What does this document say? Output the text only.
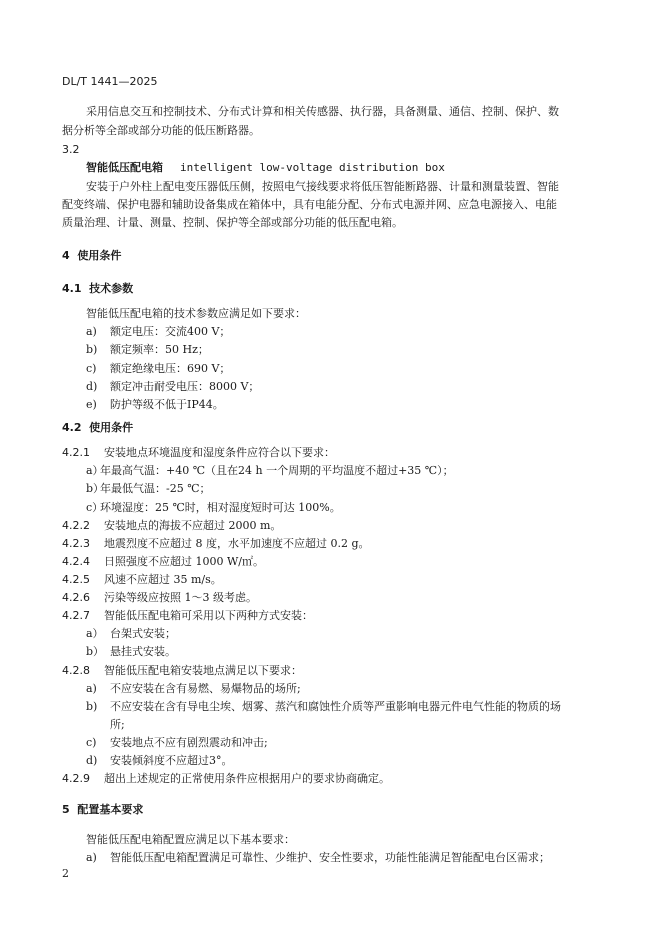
DL/T 1441—2025
采用信息交互和控制技术、分布式计算和相关传感器、执行器，具备测量、通信、控制、保护、数
据分析等全部或部分功能的低压断路器。
3.2
智能低压配电箱 intelligent low-voltage distribution box
安装于户外柱上配电变压器低压侧，按照电气接线要求将低压智能断路器、计量和测量装置、智能
配变终端、保护电器和辅助设备集成在箱体中，具有电能分配、分布式电源并网、应急电源接入、电能
质量治理、计量、测量、控制、保护等全部或部分功能的低压配电箱。
4  使用条件
4.1  技术参数
智能低压配电箱的技术参数应满足如下要求：
a) 额定电压：交流400 V；
b) 额定频率：50 Hz；
c) 额定绝缘电压：690 V；
d) 额定冲击耐受电压：8000 V；
e) 防护等级不低于IP44。
4.2  使用条件
4.2.1 安装地点环境温度和湿度条件应符合以下要求：
a）
年最高气温：+40 ℃（且在24 h 一个周期的平均温度不超过+35 ℃）；
b）
年最低气温：-25 ℃；
c）
环境湿度：25 ℃时，相对湿度短时可达 100%。
4.2.2 安装地点的海拔不应超过 2000 m。
4.2.3 地震烈度不应超过 8 度，水平加速度不应超过 0.2 g。
4.2.4 日照强度不应超过 1000 W/㎡。
4.2.5 风速不应超过 35 m/s。
4.2.6 污染等级应按照 1～3 级考虑。
4.2.7 智能低压配电箱可采用以下两种方式安装：
a） 台架式安装；
b） 悬挂式安装。
4.2.8 智能低压配电箱安装地点满足以下要求：
a) 不应安装在含有易燃、易爆物品的场所;
b) 不应安装在含有导电尘埃、烟雾、蒸汽和腐蚀性介质等严重影响电器元件电气性能的物质的场
所;
c) 安装地点不应有剧烈震动和冲击;
d) 安装倾斜度不应超过3°。
4.2.9 超出上述规定的正常使用条件应根据用户的要求协商确定。
5  配置基本要求
智能低压配电箱配置应满足以下基本要求：
a) 智能低压配电箱配置满足可靠性、少维护、安全性要求，功能性能满足智能配电台区需求；
2
